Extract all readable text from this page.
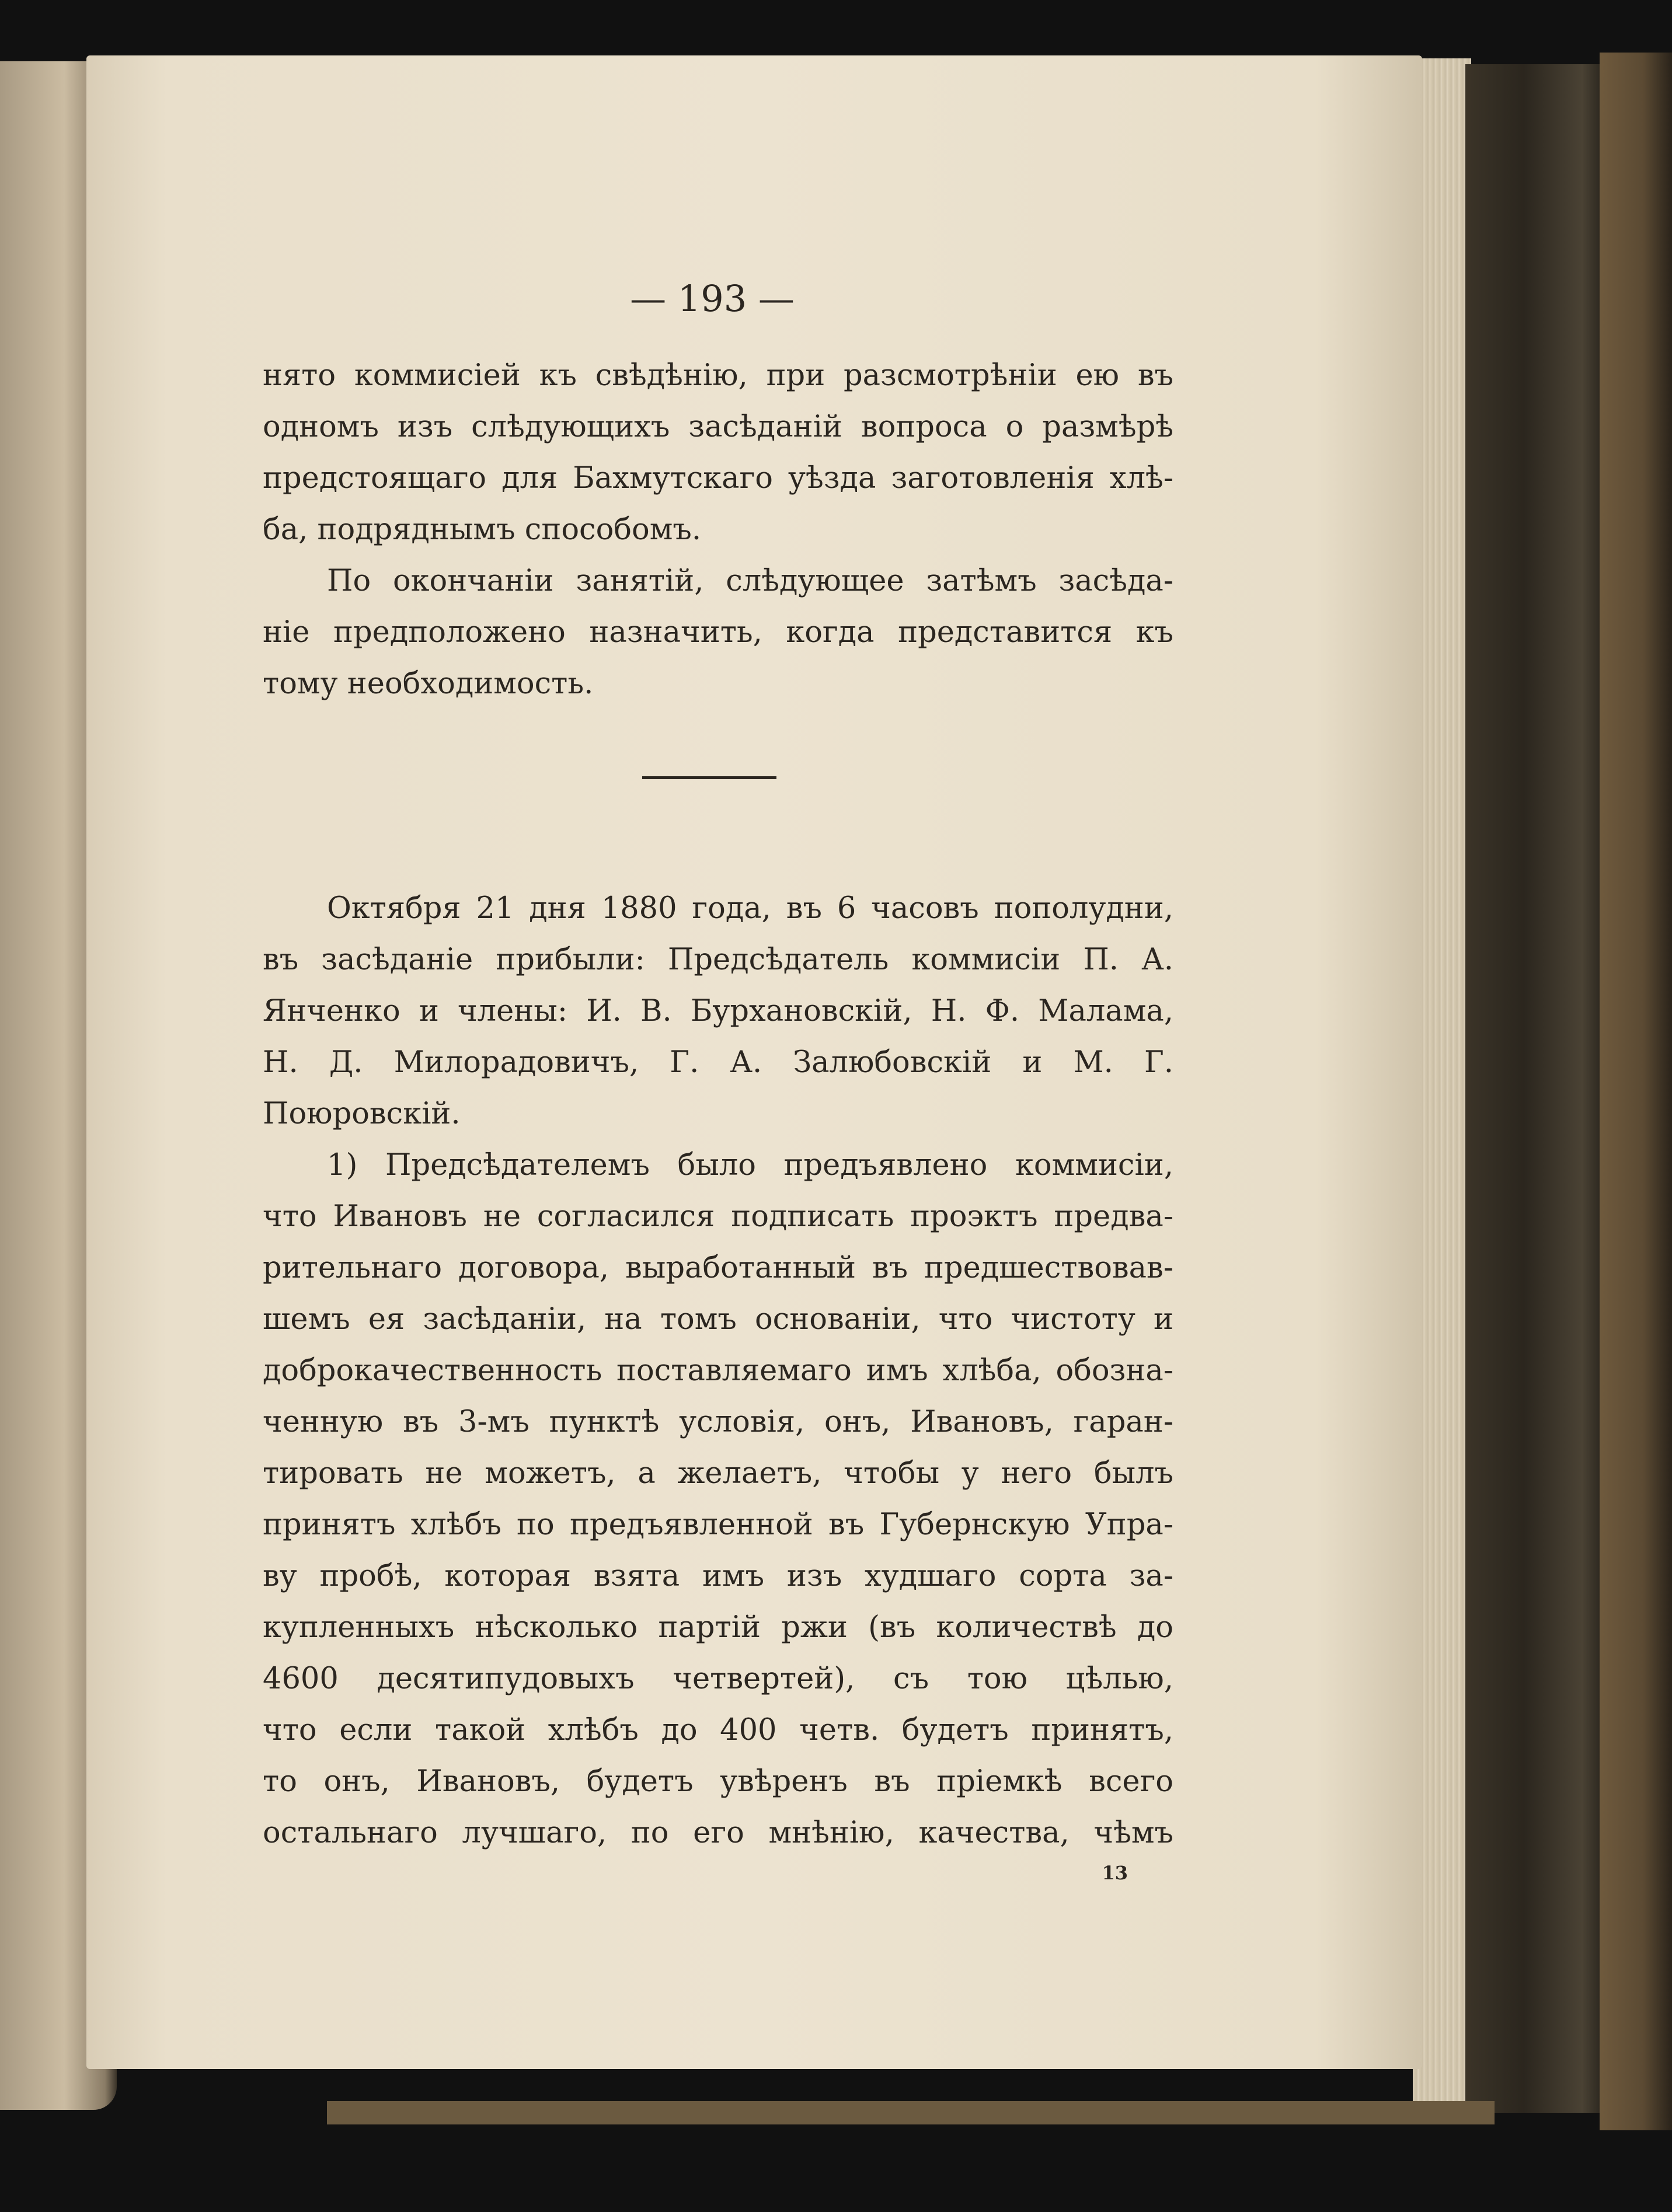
— 193 —
нято коммисіей къ свѣдѣнію, при разсмотрѣніи ею въ
одномъ изъ слѣдующихъ засѣданій вопроса о размѣрѣ
предстоящаго для Бахмутскаго уѣзда заготовленія хлѣ-
ба, подряднымъ способомъ.
По окончаніи занятій, слѣдующее затѣмъ засѣда-
ніе предположено назначить, когда представится къ
тому необходимость.
Октября 21 дня 1880 года, въ 6 часовъ пополудни,
въ засѣданіе прибыли: Предсѣдатель коммисіи П. А.
Янченко и члены: И. В. Бурхановскій, Н. Ф. Малама,
Н. Д. Милорадовичъ, Г. А. Залюбовскій и М. Г.
Поюровскій.
1) Предсѣдателемъ было предъявлено коммисіи,
что Ивановъ не согласился подписать проэктъ предва-
рительнаго договора, выработанный въ предшествовав-
шемъ ея засѣданіи, на томъ основаніи, что чистоту и
доброкачественность поставляемаго имъ хлѣба, обозна-
ченную въ 3-мъ пунктѣ условія, онъ, Ивановъ, гаран-
тировать не можетъ, а желаетъ, чтобы у него былъ
принятъ хлѣбъ по предъявленной въ Губернскую Упра-
ву пробѣ, которая взята имъ изъ худшаго сорта за-
купленныхъ нѣсколько партій ржи (въ количествѣ до
4600 десятипудовыхъ четвертей), съ тою цѣлью,
что если такой хлѣбъ до 400 четв. будетъ принятъ,
то онъ, Ивановъ, будетъ увѣренъ въ пріемкѣ всего
остальнаго лучшаго, по его мнѣнію, качества, чѣмъ
13
